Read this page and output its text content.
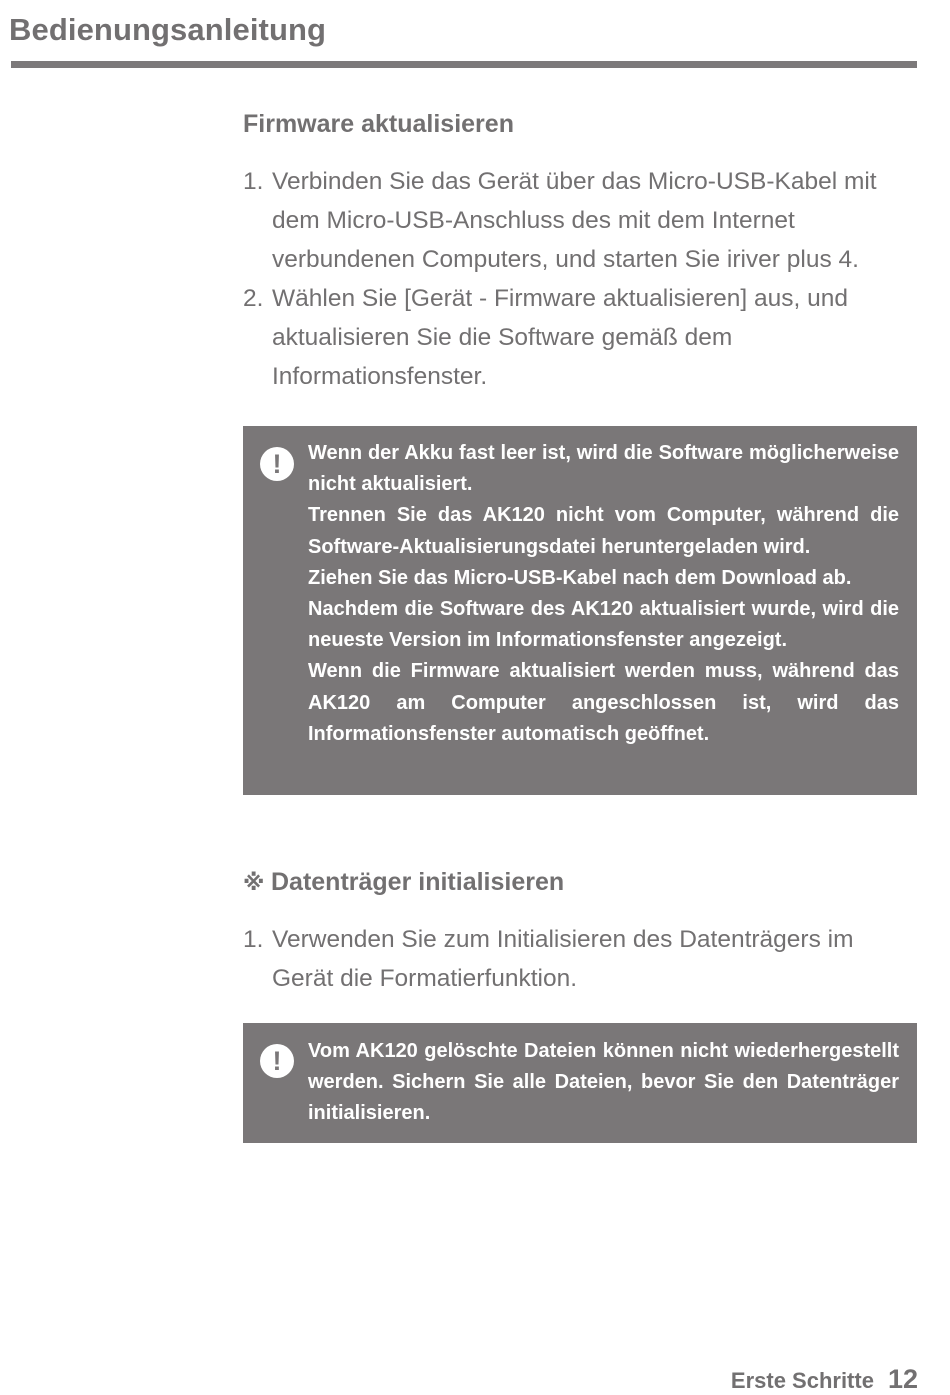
Bedienungsanleitung
Firmware aktualisieren
1. Verbinden Sie das Gerät über das Micro-USB-Kabel mit dem Micro-USB-Anschluss des mit dem Internet verbundenen Computers, und starten Sie iriver plus 4.
2. Wählen Sie [Gerät - Firmware aktualisieren] aus, und aktualisieren Sie die Software gemäß dem Informationsfenster.
!	Wenn der Akku fast leer ist, wird die Software möglicherweise nicht aktualisiert.

Trennen Sie das AK120 nicht vom Computer, während die Software-Aktualisierungsdatei heruntergeladen wird.

Ziehen Sie das Micro-USB-Kabel nach dem Download ab.

Nachdem die Software des AK120 aktualisiert wurde, wird die neueste Version im Informationsfenster angezeigt.

Wenn die Firmware aktualisiert werden muss, während das AK120 am Computer angeschlossen ist, wird das Informationsfenster automatisch geöffnet.

※ Datenträger initialisieren
1. Verwenden Sie zum Initialisieren des Datenträgers im Gerät die Formatierfunktion.
!	Vom AK120 gelöschte Dateien können nicht wiederhergestellt werden. Sichern Sie alle Dateien, bevor Sie den Datenträger initialisieren.

Erste Schritte 12
